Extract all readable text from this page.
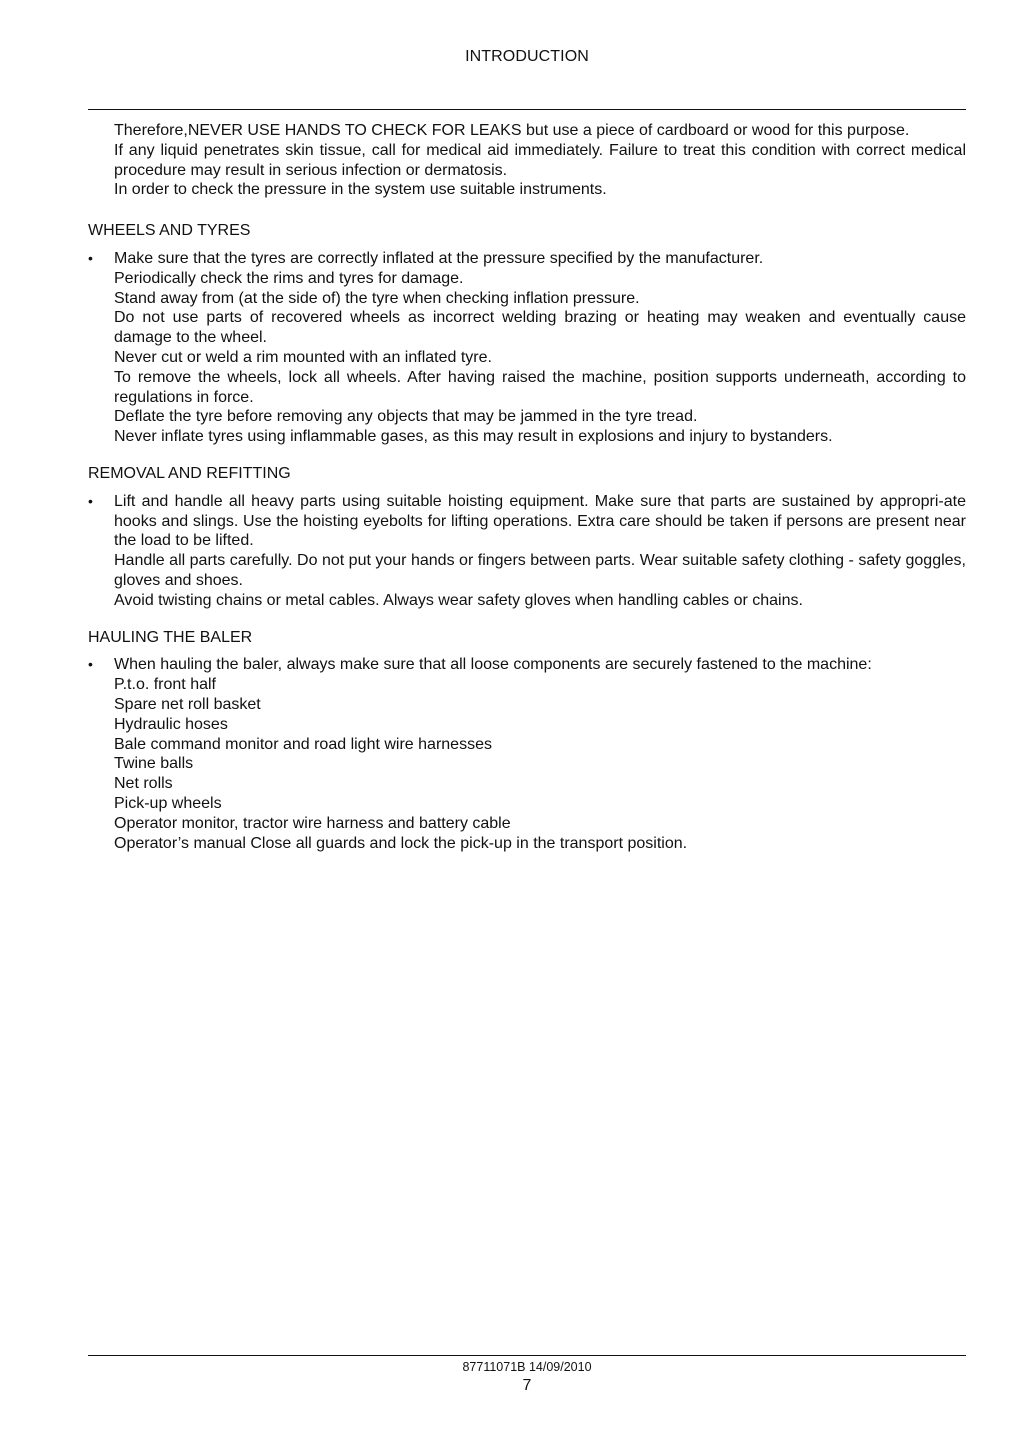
INTRODUCTION
Therefore,NEVER USE HANDS TO CHECK FOR LEAKS but use a piece of cardboard or wood for this purpose.
If any liquid penetrates skin tissue, call for medical aid immediately. Failure to treat this condition with correct medical procedure may result in serious infection or dermatosis.
In order to check the pressure in the system use suitable instruments.
WHEELS AND TYRES
• Make sure that the tyres are correctly inflated at the pressure specified by the manufacturer.
Periodically check the rims and tyres for damage.
Stand away from (at the side of) the tyre when checking inflation pressure.
Do not use parts of recovered wheels as incorrect welding brazing or heating may weaken and eventually cause damage to the wheel.
Never cut or weld a rim mounted with an inflated tyre.
To remove the wheels, lock all wheels. After having raised the machine, position supports underneath, according to regulations in force.
Deflate the tyre before removing any objects that may be jammed in the tyre tread.
Never inflate tyres using inflammable gases, as this may result in explosions and injury to bystanders.
REMOVAL AND REFITTING
• Lift and handle all heavy parts using suitable hoisting equipment. Make sure that parts are sustained by appropri-ate hooks and slings. Use the hoisting eyebolts for lifting operations. Extra care should be taken if persons are present near the load to be lifted.
Handle all parts carefully. Do not put your hands or fingers between parts. Wear suitable safety clothing - safety goggles, gloves and shoes.
Avoid twisting chains or metal cables. Always wear safety gloves when handling cables or chains.
HAULING THE BALER
• When hauling the baler, always make sure that all loose components are securely fastened to the machine:
P.t.o. front half
Spare net roll basket
Hydraulic hoses
Bale command monitor and road light wire harnesses
Twine balls
Net rolls
Pick-up wheels
Operator monitor, tractor wire harness and battery cable
Operator’s manual Close all guards and lock the pick-up in the transport position.
87711071B 14/09/2010
7
